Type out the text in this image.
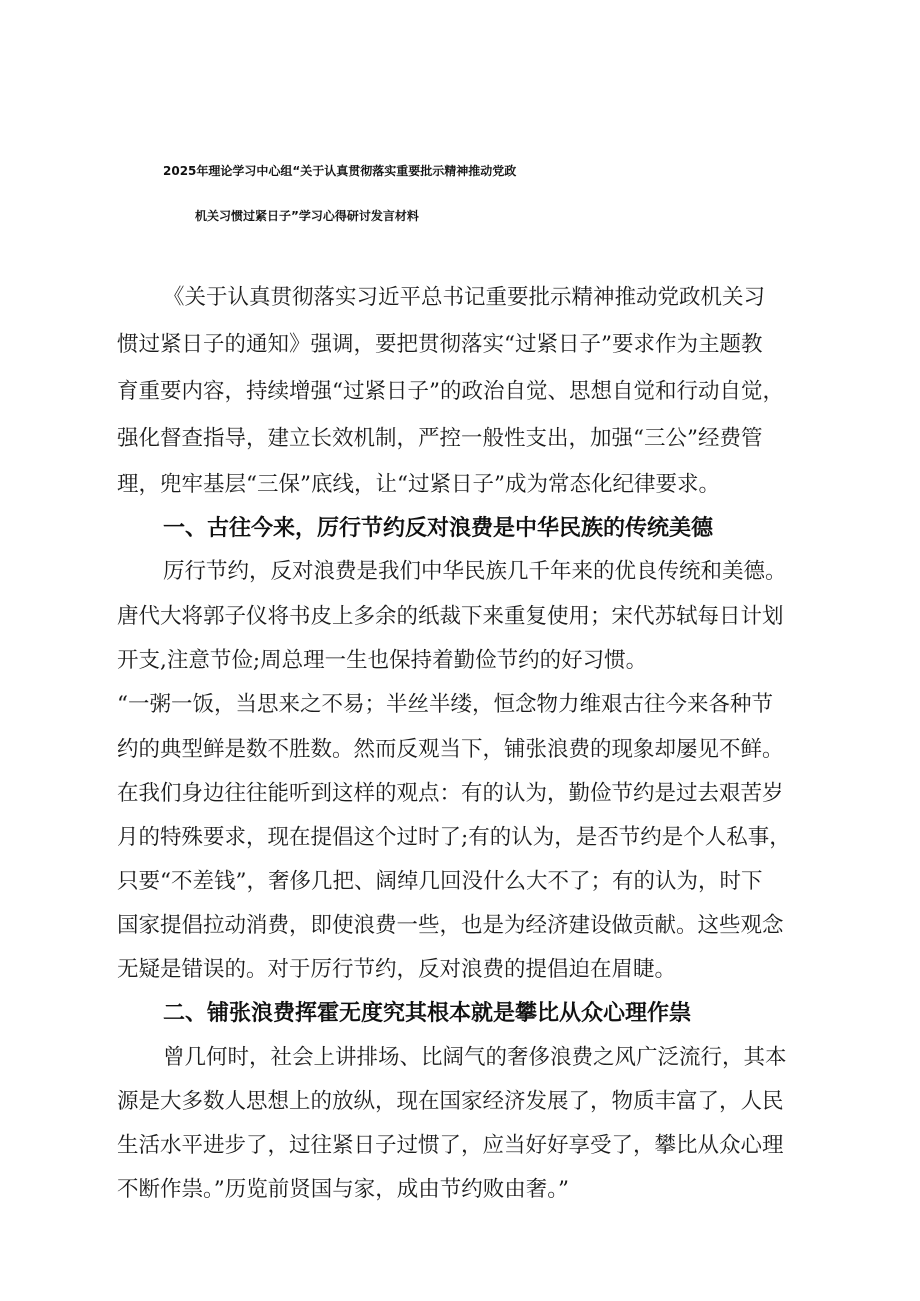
2025年理论学习中心组“关于认真贯彻落实重要批示精神推动党政
机关习惯过紧日子”学习心得研讨发言材料
《关于认真贯彻落实习近平总书记重要批示精神推动党政机关习
惯过紧日子的通知》强调，要把贯彻落实“过紧日子”要求作为主题教
育重要内容，持续增强“过紧日子”的政治自觉、思想自觉和行动自觉，
强化督查指导，建立长效机制，严控一般性支出，加强“三公”经费管
理，兜牢基层“三保”底线，让“过紧日子”成为常态化纪律要求。
一、古往今来，厉行节约反对浪费是中华民族的传统美德
厉行节约，反对浪费是我们中华民族几千年来的优良传统和美德。
唐代大将郭子仪将书皮上多余的纸裁下来重复使用；宋代苏轼每日计划
开支,注意节俭;周总理一生也保持着勤俭节约的好习惯。
“一粥一饭，当思来之不易；半丝半缕，恒念物力维艰古往今来各种节
约的典型鲜是数不胜数。然而反观当下，铺张浪费的现象却屡见不鲜。
在我们身边往往能听到这样的观点：有的认为，勤俭节约是过去艰苦岁
月的特殊要求，现在提倡这个过时了;有的认为，是否节约是个人私事，
只要“不差钱”，奢侈几把、阔绰几回没什么大不了；有的认为，时下
国家提倡拉动消费，即使浪费一些，也是为经济建设做贡献。这些观念
无疑是错误的。对于厉行节约，反对浪费的提倡迫在眉睫。
二、铺张浪费挥霍无度究其根本就是攀比从众心理作祟
曾几何时，社会上讲排场、比阔气的奢侈浪费之风广泛流行，其本
源是大多数人思想上的放纵，现在国家经济发展了，物质丰富了，人民
生活水平进步了，过往紧日子过惯了，应当好好享受了，攀比从众心理
不断作祟。”历览前贤国与家，成由节约败由奢。”
